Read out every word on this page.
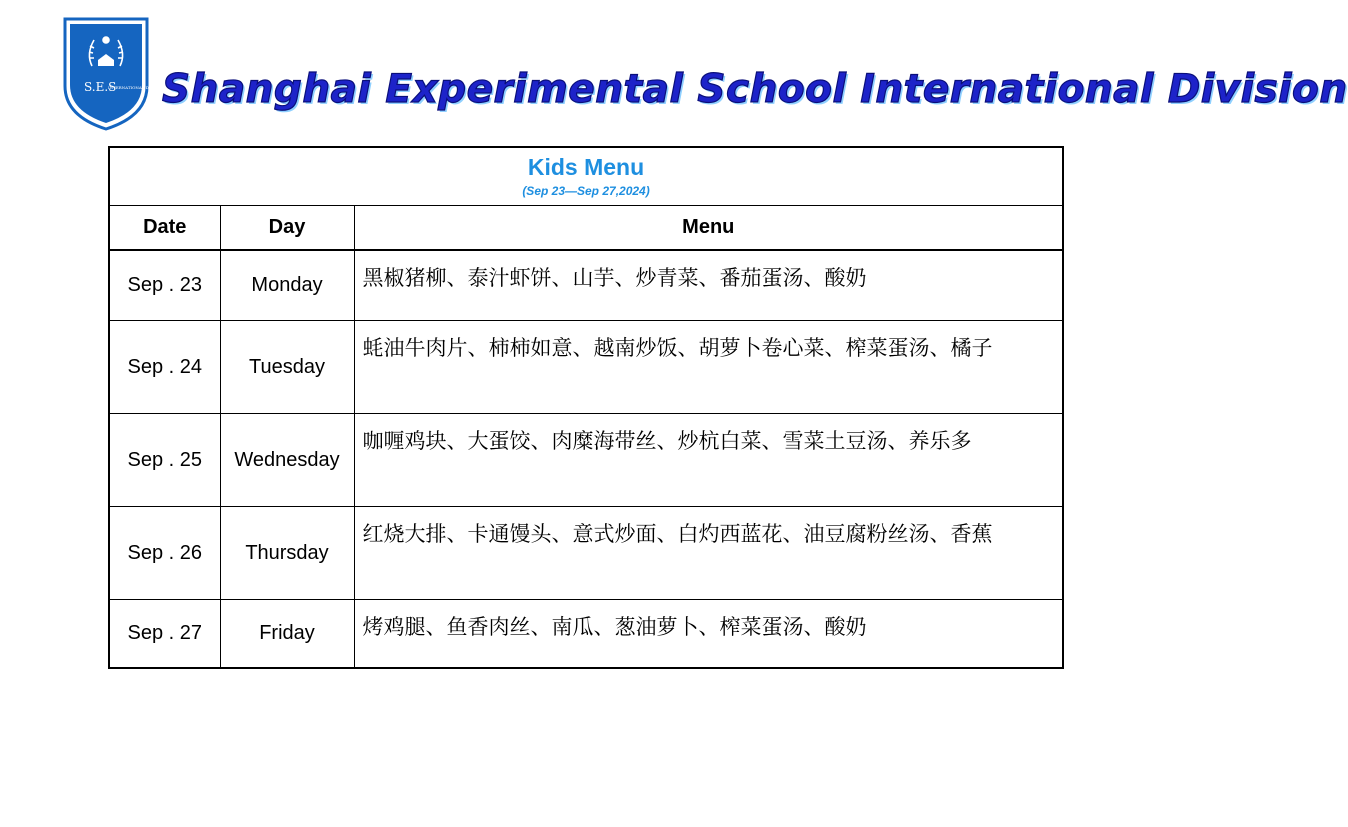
S.E.S
INTERNATIONAL DIVISION
Shanghai Experimental School International Division
Kids Menu
(Sep 23—Sep 27,2024)		

Date	Day	Menu
Sep . 23	Monday	黑椒猪柳、泰汁虾饼、山芋、炒青菜、番茄蛋汤、酸奶
Sep . 24	Tuesday	蚝油牛肉片、柿柿如意、越南炒饭、胡萝卜卷心菜、榨菜蛋汤、橘子
Sep . 25	Wednesday	咖喱鸡块、大蛋饺、肉糜海带丝、炒杭白菜、雪菜土豆汤、养乐多
Sep . 26	Thursday	红烧大排、卡通馒头、意式炒面、白灼西蓝花、油豆腐粉丝汤、香蕉
Sep . 27	Friday	烤鸡腿、鱼香肉丝、南瓜、葱油萝卜、榨菜蛋汤、酸奶
